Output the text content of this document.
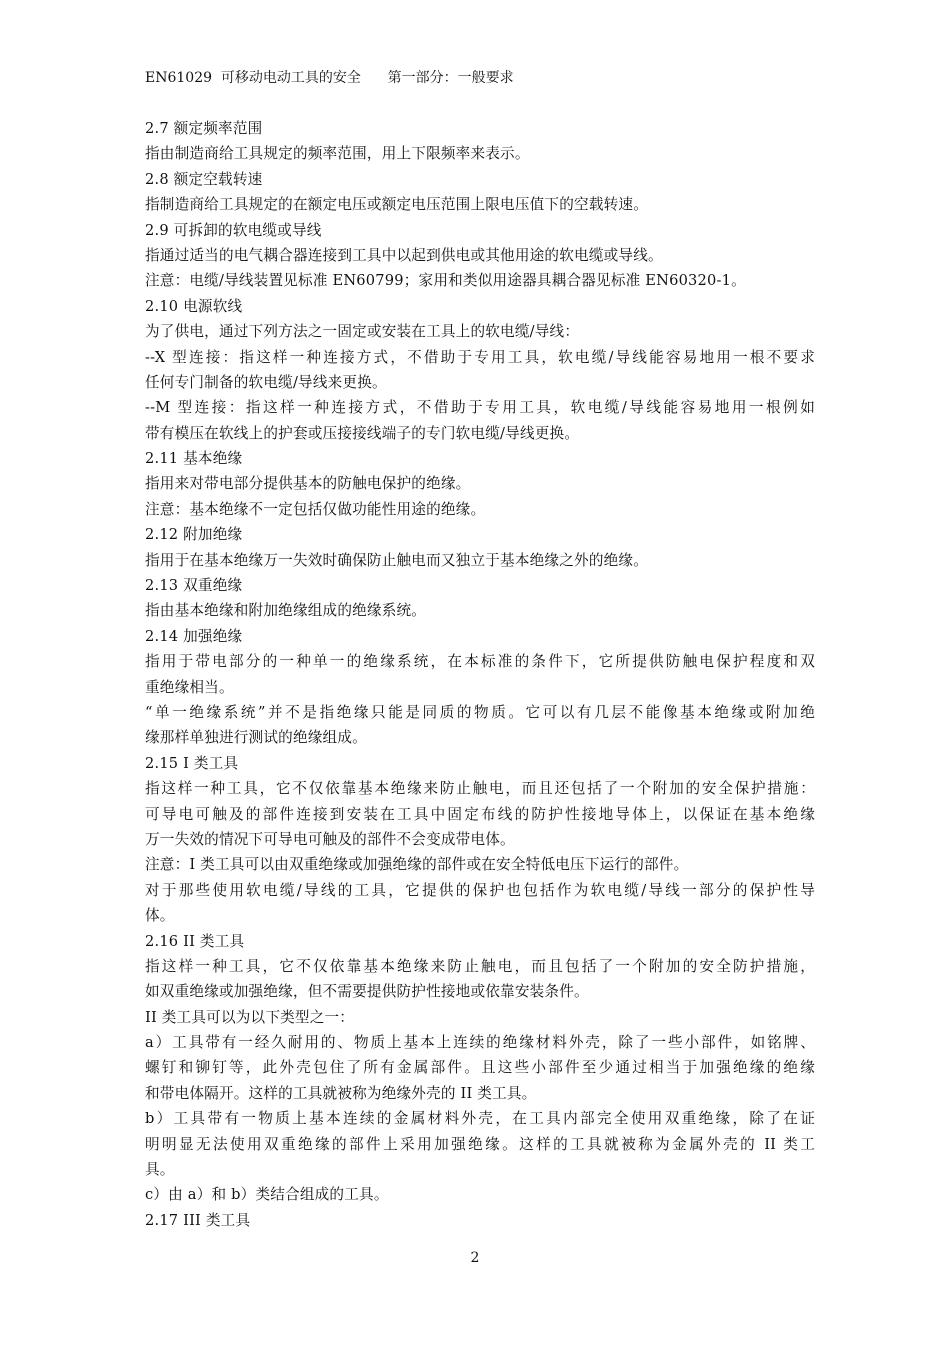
EN61029  可移动电动工具的安全      第一部分：一般要求
2.7 额定频率范围
指由制造商给工具规定的频率范围，用上下限频率来表示。
2.8 额定空载转速
指制造商给工具规定的在额定电压或额定电压范围上限电压值下的空载转速。
2.9 可拆卸的软电缆或导线
指通过适当的电气耦合器连接到工具中以起到供电或其他用途的软电缆或导线。
注意：电缆/导线装置见标准 EN60799；家用和类似用途器具耦合器见标准 EN60320-1。
2.10 电源软线
为了供电，通过下列方法之一固定或安装在工具上的软电缆/导线：
--X 型连接：指这样一种连接方式，不借助于专用工具，软电缆/导线能容易地用一根不要求
任何专门制备的软电缆/导线来更换。
--M 型连接：指这样一种连接方式，不借助于专用工具，软电缆/导线能容易地用一根例如
带有模压在软线上的护套或压接接线端子的专门软电缆/导线更换。
2.11 基本绝缘
指用来对带电部分提供基本的防触电保护的绝缘。
注意：基本绝缘不一定包括仅做功能性用途的绝缘。
2.12 附加绝缘
指用于在基本绝缘万一失效时确保防止触电而又独立于基本绝缘之外的绝缘。
2.13 双重绝缘
指由基本绝缘和附加绝缘组成的绝缘系统。
2.14 加强绝缘
指用于带电部分的一种单一的绝缘系统，在本标准的条件下，它所提供防触电保护程度和双
重绝缘相当。
“单一绝缘系统”并不是指绝缘只能是同质的物质。它可以有几层不能像基本绝缘或附加绝
缘那样单独进行测试的绝缘组成。
2.15 I 类工具
指这样一种工具，它不仅依靠基本绝缘来防止触电，而且还包括了一个附加的安全保护措施：
可导电可触及的部件连接到安装在工具中固定布线的防护性接地导体上，以保证在基本绝缘
万一失效的情况下可导电可触及的部件不会变成带电体。
注意：I 类工具可以由双重绝缘或加强绝缘的部件或在安全特低电压下运行的部件。
对于那些使用软电缆/导线的工具，它提供的保护也包括作为软电缆/导线一部分的保护性导
体。
2.16 II 类工具
指这样一种工具，它不仅依靠基本绝缘来防止触电，而且包括了一个附加的安全防护措施，
如双重绝缘或加强绝缘，但不需要提供防护性接地或依靠安装条件。
II 类工具可以为以下类型之一：
a）工具带有一经久耐用的、物质上基本上连续的绝缘材料外壳，除了一些小部件，如铭牌、
螺钉和铆钉等，此外壳包住了所有金属部件。且这些小部件至少通过相当于加强绝缘的绝缘
和带电体隔开。这样的工具就被称为绝缘外壳的 II 类工具。
b）工具带有一物质上基本连续的金属材料外壳，在工具内部完全使用双重绝缘，除了在证
明明显无法使用双重绝缘的部件上采用加强绝缘。这样的工具就被称为金属外壳的 II 类工
具。
c）由 a）和 b）类结合组成的工具。
2.17 III 类工具
2
